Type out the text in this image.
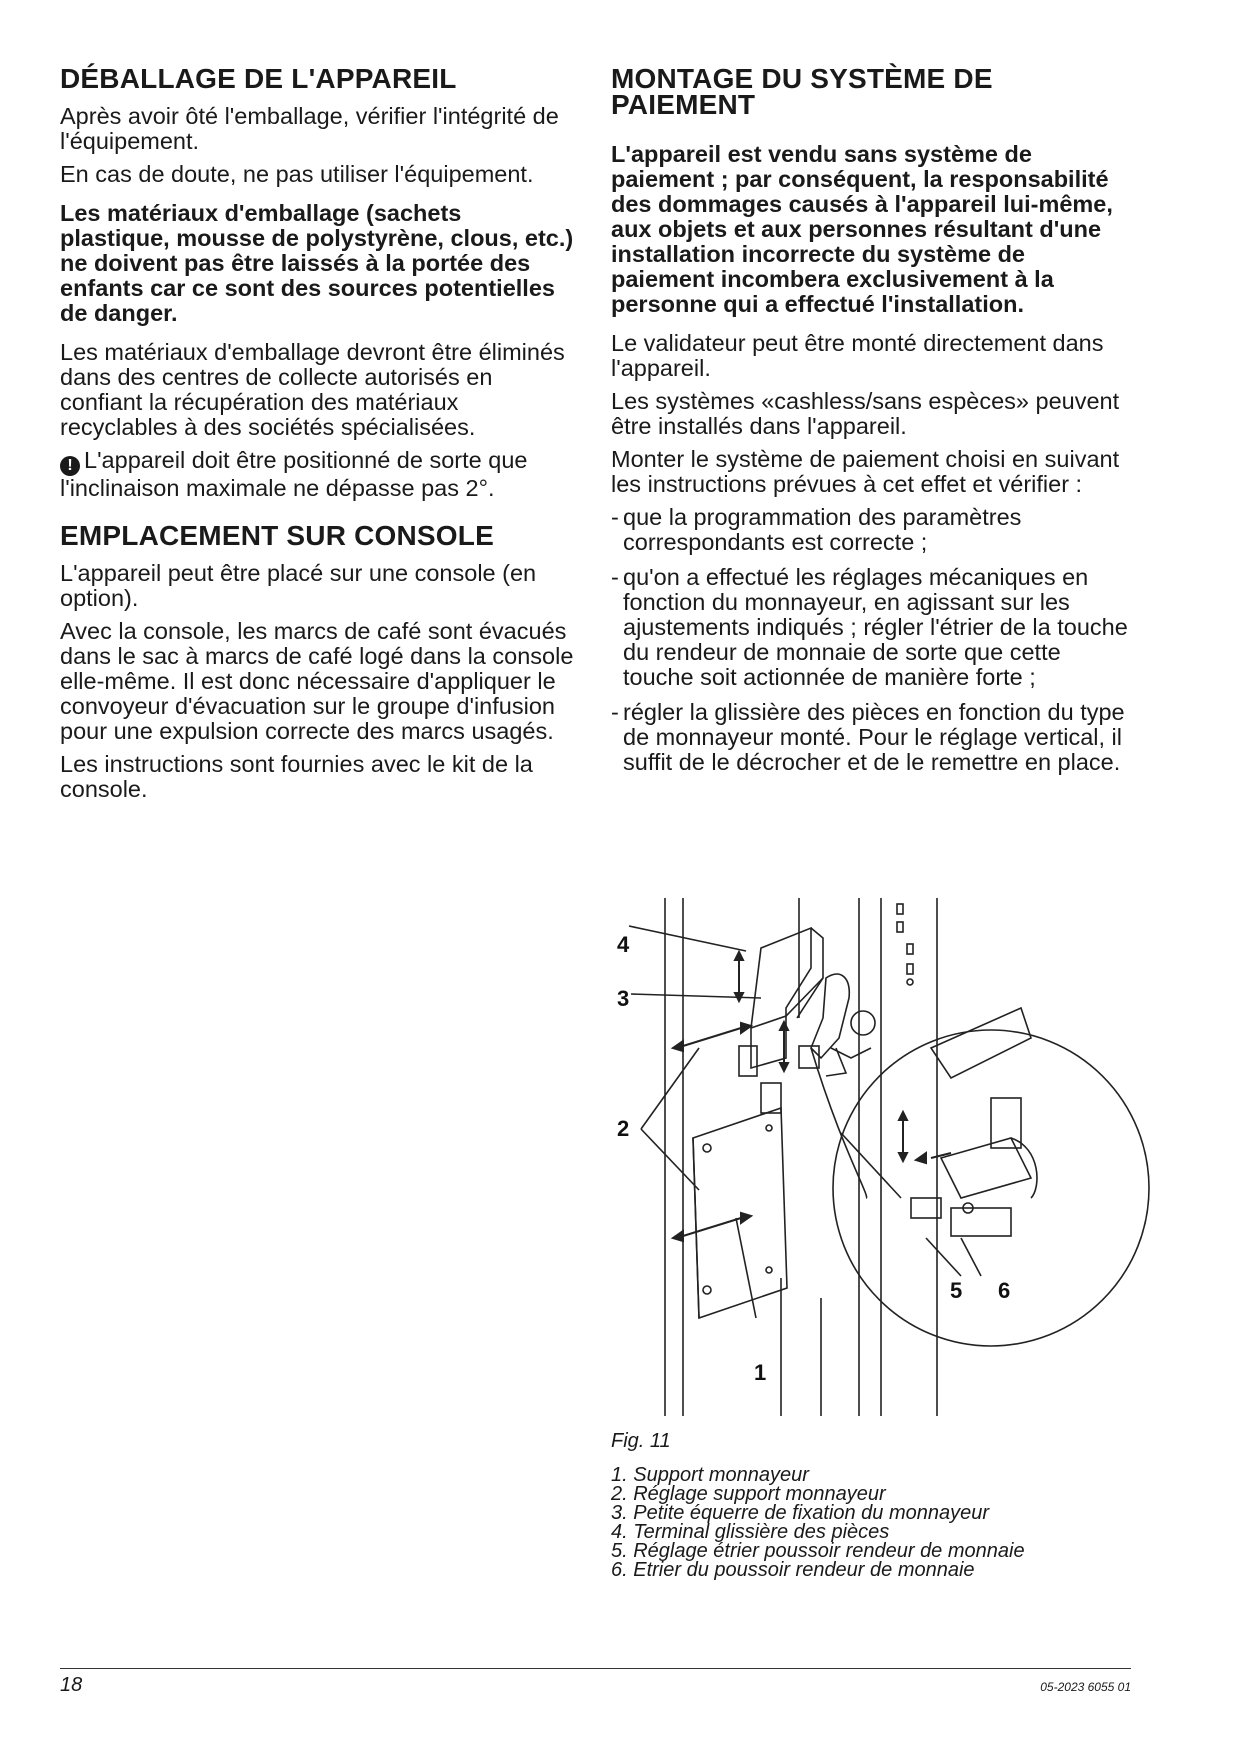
DÉBALLAGE DE L'APPAREIL

Après avoir ôté l'emballage, vérifier l'intégrité de l'équipement.

En cas de doute, ne pas utiliser l'équipement.

Les matériaux d'emballage (sachets plastique, mousse de polystyrène, clous, etc.) ne doivent pas être laissés à la portée des enfants car ce sont des sources potentielles de danger.

Les matériaux d'emballage devront être éliminés dans des centres de collecte autorisés en confiant la récupération des matériaux recyclables à des sociétés spécialisées.

! L'appareil doit être positionné de sorte que l'inclinaison maximale ne dépasse pas 2°.

EMPLACEMENT SUR CONSOLE

L'appareil peut être placé sur une console (en option).

Avec la console, les marcs de café sont évacués dans le sac à marcs de café logé dans la console elle-même. Il est donc nécessaire d'appliquer le convoyeur d'évacuation sur le groupe d'infusion pour une expulsion correcte des marcs usagés.

Les instructions sont fournies avec le kit de la console.

MONTAGE DU SYSTÈME DE PAIEMENT

L'appareil est vendu sans système de paiement ; par conséquent, la responsabilité des dommages causés à l'appareil lui-même, aux objets et aux personnes résultant d'une installation incorrecte du système de paiement incombera exclusivement à la personne qui a effectué l'installation.

Le validateur peut être monté directement dans l'appareil.

Les systèmes «cashless/sans espèces» peuvent être installés dans l'appareil.

Monter le système de paiement choisi en suivant les instructions prévues à cet effet et vérifier :

- que la programmation des paramètres correspondants est correcte ;
- qu'on a effectué les réglages mécaniques en fonction du monnayeur, en agissant sur les ajustements indiqués ; régler l'étrier de la touche du rendeur de monnaie de sorte que cette touche soit actionnée de manière forte ;
- régler la glissière des pièces en fonction du type de monnayeur monté. Pour le réglage vertical, il suffit de le décrocher et de le remettre en place.
4
3
2
1
5 6
Fig. 11
1. Support monnayeur
2. Réglage support monnayeur
3. Petite équerre de fixation du monnayeur
4. Terminal glissière des pièces
5. Réglage étrier poussoir rendeur de monnaie
6. Etrier du poussoir rendeur de monnaie
18	05-2023 6055 01
